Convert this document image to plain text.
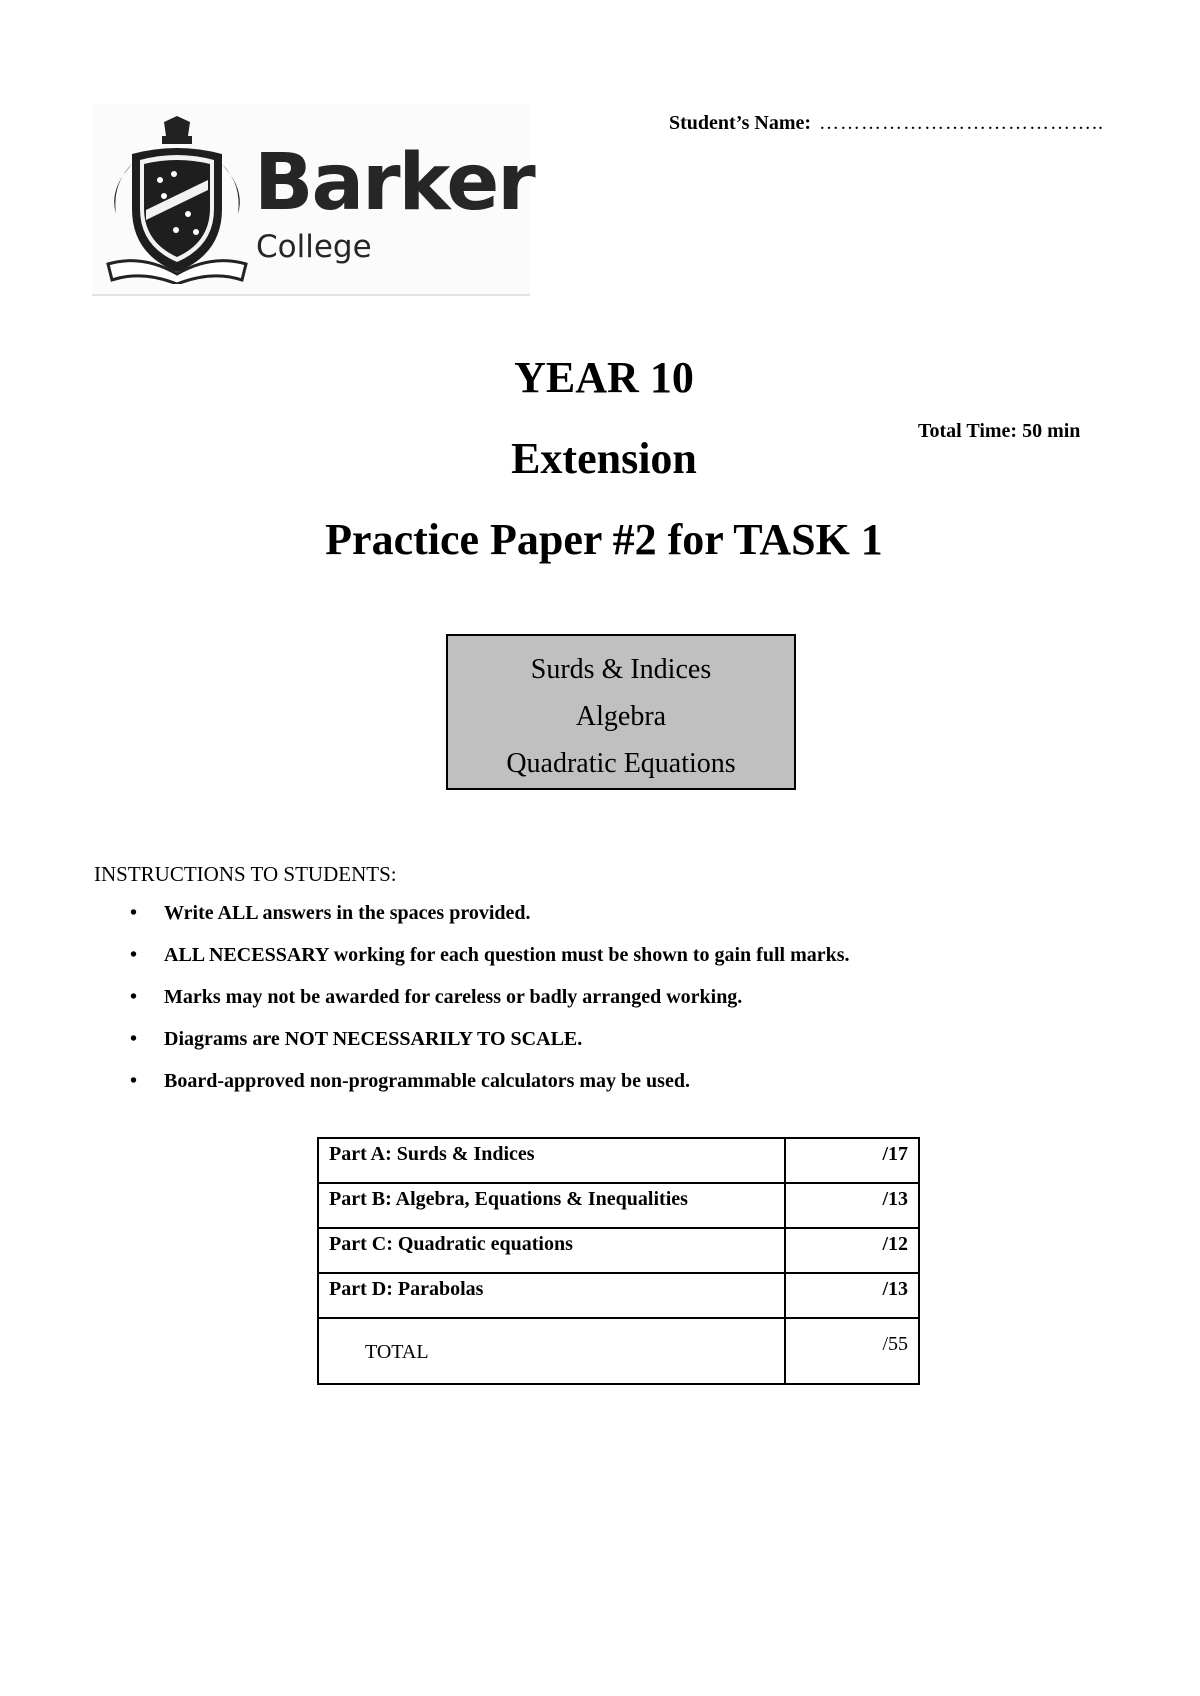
Barker
College
Student’s Name: …………………………………..
YEAR 10
Extension
Practice Paper #2 for TASK 1
Total Time: 50 min
Surds & Indices
Algebra
Quadratic Equations
INSTRUCTIONS TO STUDENTS:
• Write ALL answers in the spaces provided.
• ALL NECESSARY working for each question must be shown to gain full marks.
• Marks may not be awarded for careless or badly arranged working.
• Diagrams are NOT NECESSARILY TO SCALE.
• Board-approved non-programmable calculators may be used.
Part A: Surds & Indices	/17
Part B: Algebra, Equations & Inequalities	/13
Part C: Quadratic equations	/12
Part D: Parabolas	/13
TOTAL	/55
